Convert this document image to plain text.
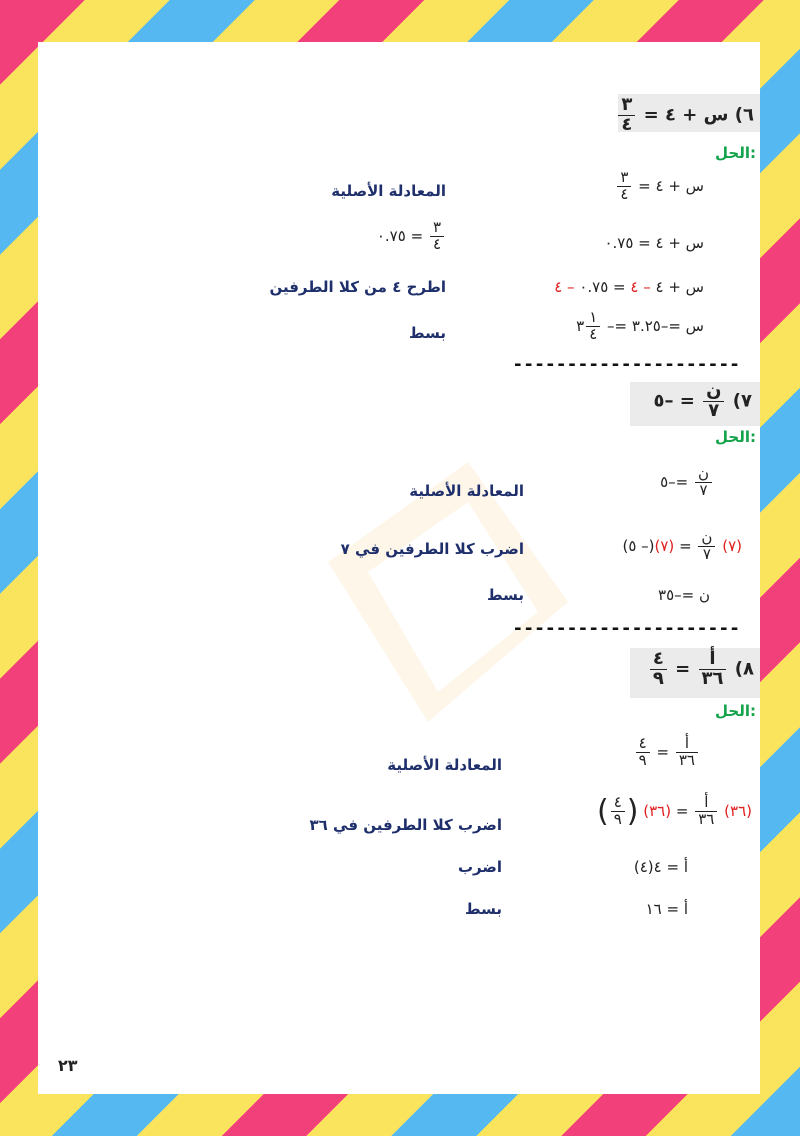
٦) س + ٤ =
$\frac{٣}{٤}$
الحل:
س + ٤ =
$\frac{٣}{٤}$
المعادلة الأصلية
س + ٤ = ٠.٧٥
$\frac{٣}{٤}$
= ٠.٧٥
س + ٤ – ٤ = ٠.٧٥ – ٤
اطرح ٤ من كلا الطرفين
س =–٣.٢٥ =–
$\frac{١}{٤}$
٣
بسط
---------------------
٧)
$\frac{\text{ن}}{٧}$
= –٥
الحل:
$\frac{\text{ن}}{٧}$
=–٥
المعادلة الأصلية
(٧)
$\frac{\text{ن}}{٧}$
= (٧)(– ٥)
اضرب كلا الطرفين في ٧
ن =–٣٥
بسط
---------------------
٨)
$\frac{\text{أ}}{٣٦}$
=
$\frac{٤}{٩}$
الحل:
$\frac{\text{أ}}{٣٦}$
=
$\frac{٤}{٩}$
المعادلة الأصلية
(٣٦)
$\frac{\text{أ}}{٣٦}$
= (٣٦) (
$\frac{٤}{٩}$
)
اضرب كلا الطرفين في ٣٦
أ = ٤(٤)
اضرب
أ = ١٦
بسط
٢٣
